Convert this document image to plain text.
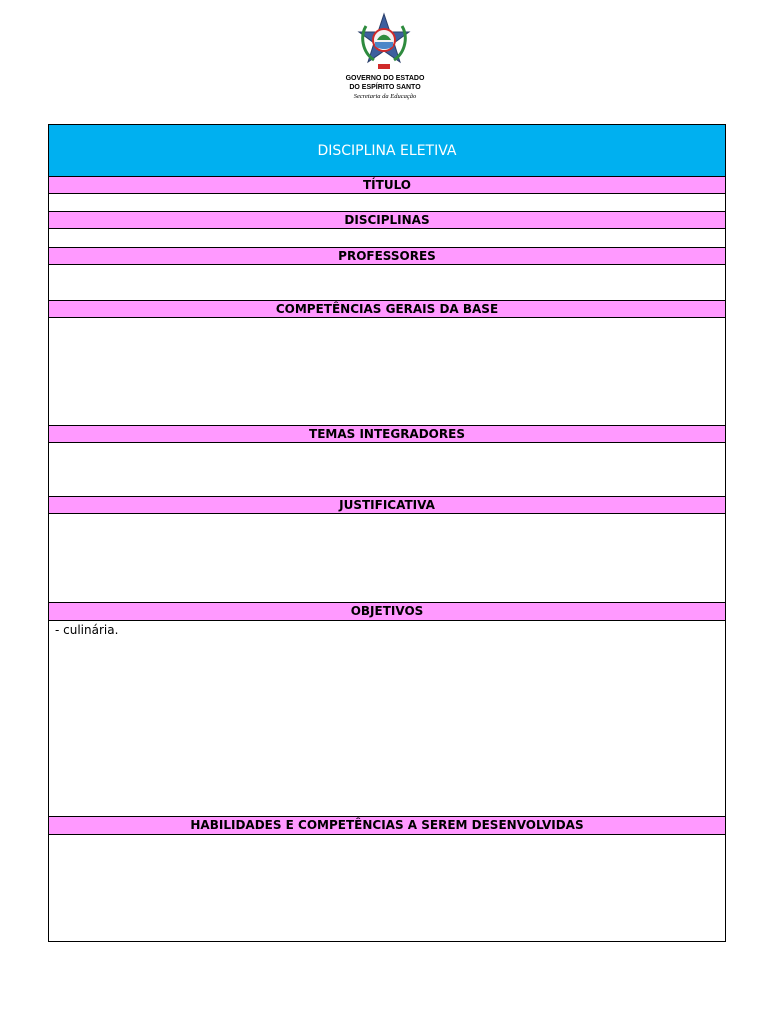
GOVERNO DO ESTADO
DO ESPÍRITO SANTO
Secretaria da Educação
DISCIPLINA ELETIVA
TÍTULO
DISCIPLINAS
PROFESSORES
COMPETÊNCIAS GERAIS DA BASE
TEMAS INTEGRADORES
JUSTIFICATIVA
OBJETIVOS
- culinária.
HABILIDADES E COMPETÊNCIAS A SEREM DESENVOLVIDAS
